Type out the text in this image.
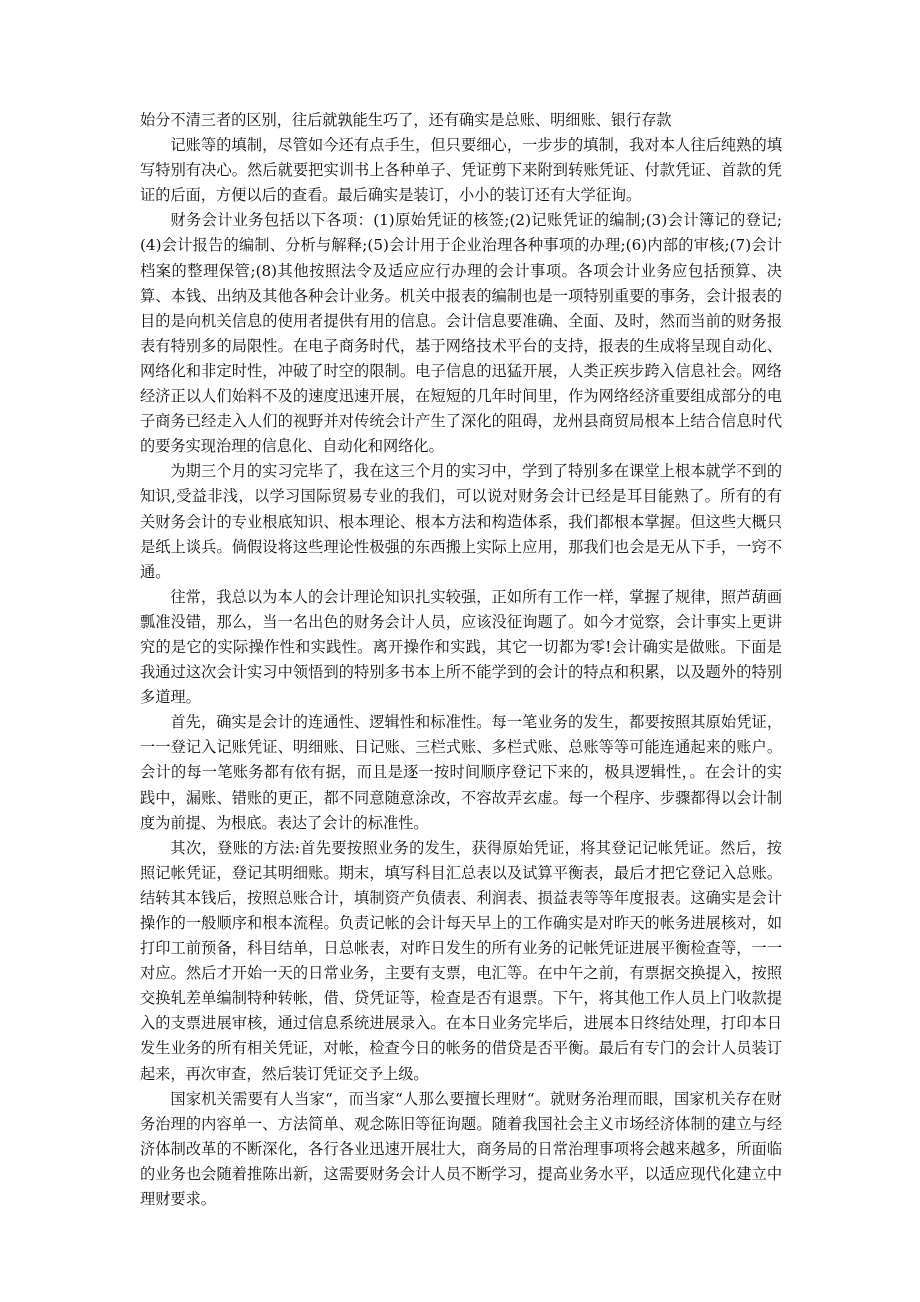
始分不清三者的区别，往后就孰能生巧了，还有确实是总账、明细账、银行存款

记账等的填制，尽管如今还有点手生，但只要细心，一步步的填制，我对本人往后纯熟的填写特别有决心。然后就要把实训书上各种单子、凭证剪下来附到转账凭证、付款凭证、首款的凭证的后面，方便以后的查看。最后确实是装订，小小的装订还有大学征询。

财务会计业务包括以下各项：(1)原始凭证的核签;(2)记账凭证的编制;(3)会计簿记的登记;(4)会计报告的编制、分析与解释;(5)会计用于企业治理各种事项的办理;(6)内部的审核;(7)会计档案的整理保管;(8)其他按照法令及适应应行办理的会计事项。各项会计业务应包括预算、决算、本钱、出纳及其他各种会计业务。机关中报表的编制也是一项特别重要的事务，会计报表的目的是向机关信息的使用者提供有用的信息。会计信息要准确、全面、及时，然而当前的财务报表有特别多的局限性。在电子商务时代，基于网络技术平台的支持，报表的生成将呈现自动化、网络化和非定时性，冲破了时空的限制。电子信息的迅猛开展，人类正疾步跨入信息社会。网络经济正以人们始料不及的速度迅速开展，在短短的几年时间里，作为网络经济重要组成部分的电子商务已经走入人们的视野并对传统会计产生了深化的阻碍，龙州县商贸局根本上结合信息时代的要务实现治理的信息化、自动化和网络化。

为期三个月的实习完毕了，我在这三个月的实习中，学到了特别多在课堂上根本就学不到的知识,受益非浅，以学习国际贸易专业的我们，可以说对财务会计已经是耳目能熟了。所有的有关财务会计的专业根底知识、根本理论、根本方法和构造体系，我们都根本掌握。但这些大概只是纸上谈兵。倘假设将这些理论性极强的东西搬上实际上应用，那我们也会是无从下手，一窍不通。

往常，我总以为本人的会计理论知识扎实较强，正如所有工作一样，掌握了规律，照芦葫画瓢准没错，那么，当一名出色的财务会计人员，应该没征询题了。如今才觉察，会计事实上更讲究的是它的实际操作性和实践性。离开操作和实践，其它一切都为零!会计确实是做账。下面是我通过这次会计实习中领悟到的特别多书本上所不能学到的会计的特点和积累，以及题外的特别多道理。

首先，确实是会计的连通性、逻辑性和标准性。每一笔业务的发生，都要按照其原始凭证，一一登记入记账凭证、明细账、日记账、三栏式账、多栏式账、总账等等可能连通起来的账户。会计的每一笔账务都有依有据，而且是逐一按时间顺序登记下来的，极具逻辑性，。在会计的实践中，漏账、错账的更正，都不同意随意涂改，不容故弄玄虚。每一个程序、步骤都得以会计制度为前提、为根底。表达了会计的标准性。

其次，登账的方法:首先要按照业务的发生，获得原始凭证，将其登记记帐凭证。然后，按照记帐凭证，登记其明细账。期末，填写科目汇总表以及试算平衡表，最后才把它登记入总账。结转其本钱后，按照总账合计，填制资产负债表、利润表、损益表等等年度报表。这确实是会计操作的一般顺序和根本流程。负责记帐的会计每天早上的工作确实是对昨天的帐务进展核对，如打印工前预备，科目结单，日总帐表，对昨日发生的所有业务的记帐凭证进展平衡检查等，一一对应。然后才开始一天的日常业务，主要有支票，电汇等。在中午之前，有票据交换提入，按照交换轧差单编制特种转帐，借、贷凭证等，检查是否有退票。下午，将其他工作人员上门收款提入的支票进展审核，通过信息系统进展录入。在本日业务完毕后，进展本日终结处理，打印本日发生业务的所有相关凭证，对帐，检查今日的帐务的借贷是否平衡。最后有专门的会计人员装订起来，再次审查，然后装订凭证交予上级。

国家机关需要有人当家“，而当家“人那么要擅长理财“。就财务治理而眼，国家机关存在财务治理的内容单一、方法简单、观念陈旧等征询题。随着我国社会主义市场经济体制的建立与经济体制改革的不断深化，各行各业迅速开展壮大，商务局的日常治理事项将会越来越多，所面临的业务也会随着推陈出新，这需要财务会计人员不断学习，提高业务水平，以适应现代化建立中理财要求。
